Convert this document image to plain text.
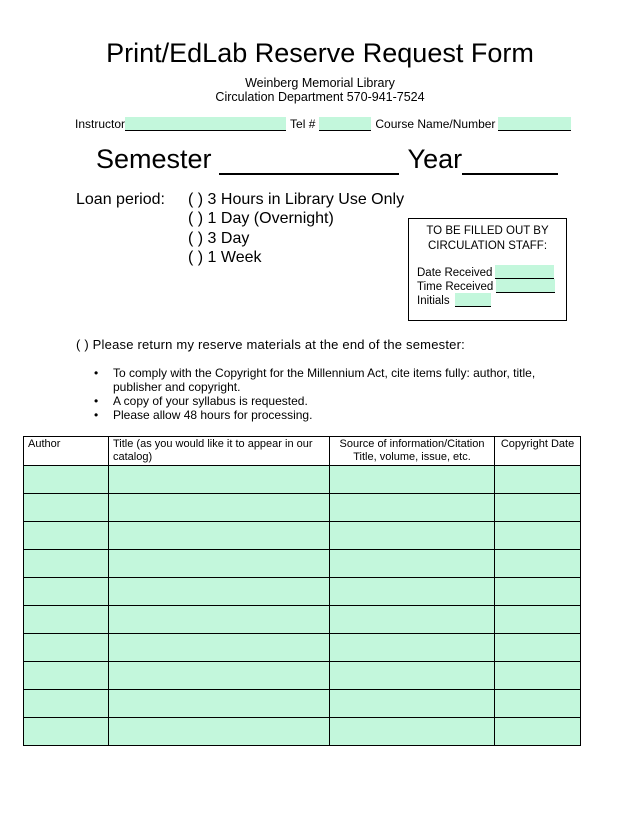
Print/EdLab Reserve Request Form
Weinberg Memorial Library
Circulation Department 570-941-7524
Instructor	Tel #	Course Name/Number
Semester	Year
Loan period: ( ) 3 Hours in Library Use Only
( ) 1 Day (Overnight)
( ) 3 Day
( ) 1 Week
TO BE FILLED OUT BY
CIRCULATION STAFF:
Date Received
Time Received
Initials
( ) Please return my reserve materials at the end of the semester:
• To comply with the Copyright for the Millennium Act, cite items fully: author, title, publisher and copyright.
• A copy of your syllabus is requested.
• Please allow 48 hours for processing.
Author	Title (as you would like it to appear in our catalog)	Source of information/Citation Title, volume, issue, etc.	Copyright Date
